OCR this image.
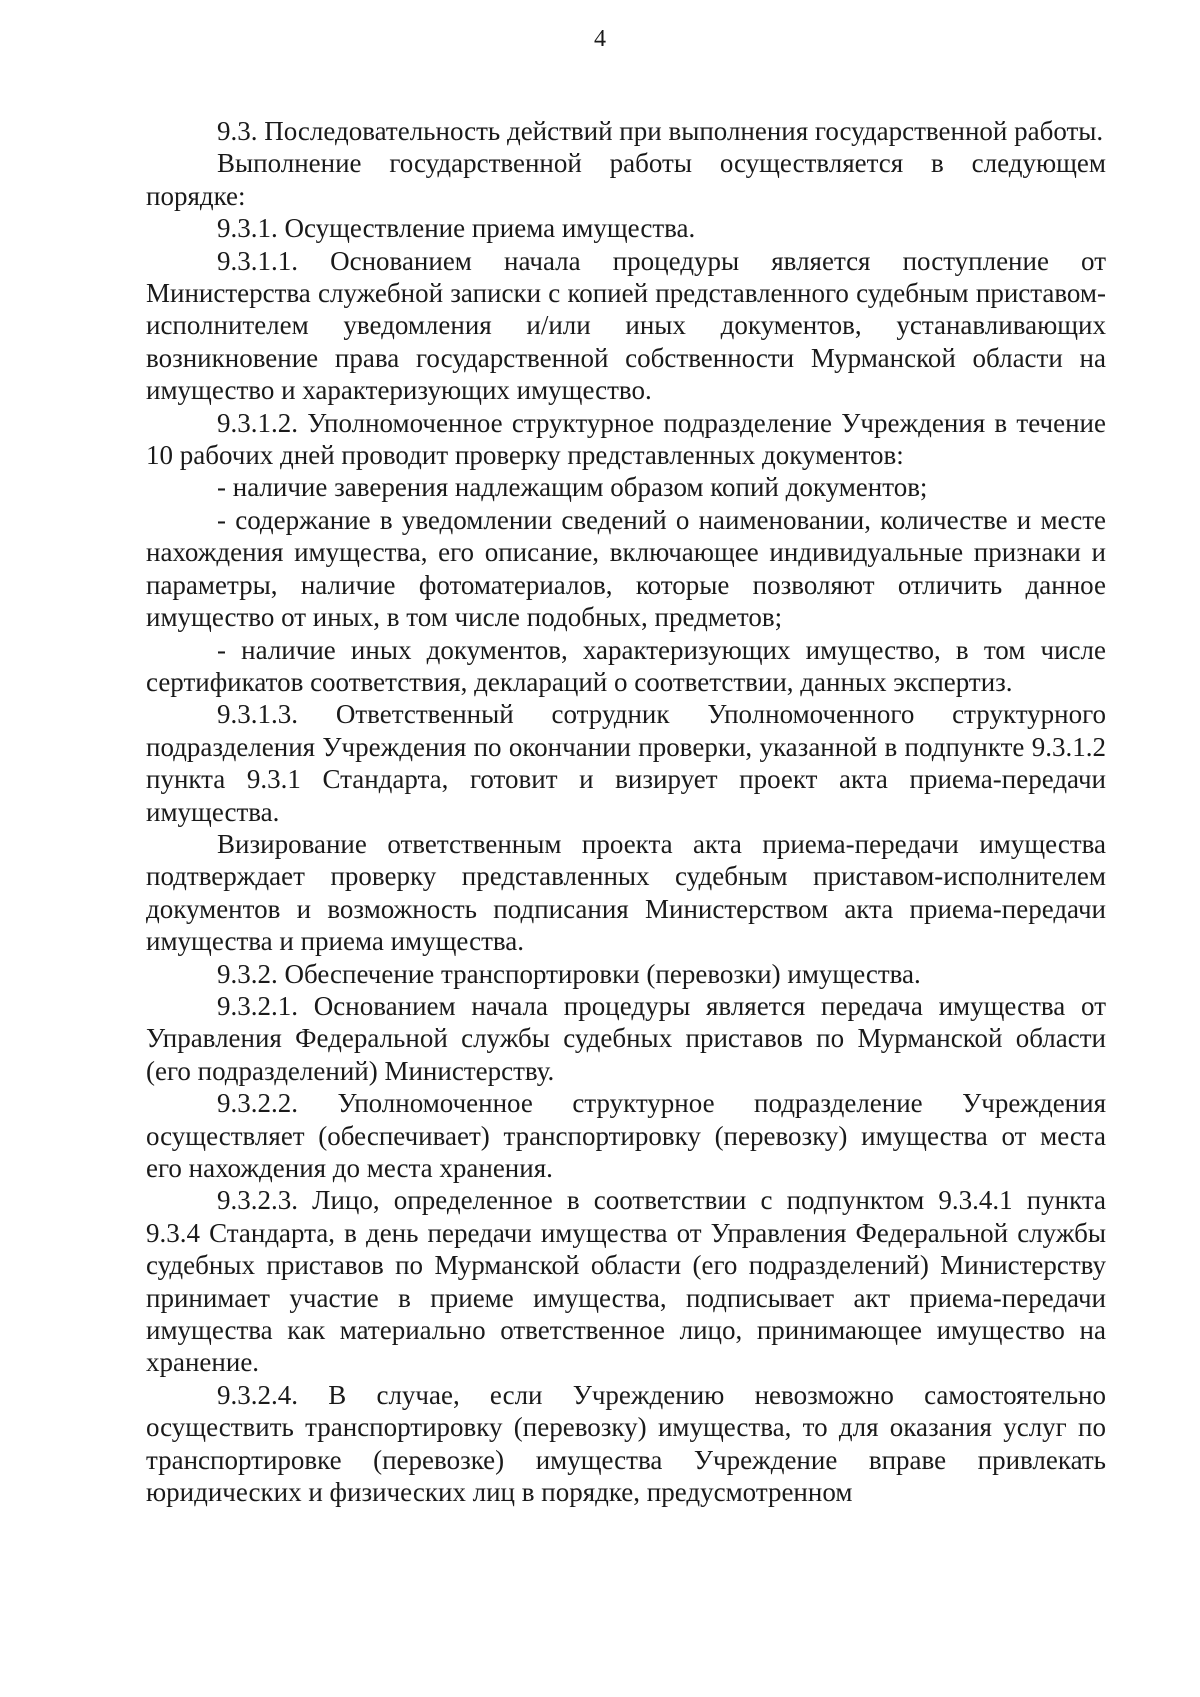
4

9.3. Последовательность действий при выполнения государственной работы.

Выполнение государственной работы осуществляется в следующем порядке:

9.3.1. Осуществление приема имущества.

9.3.1.1. Основанием начала процедуры является поступление от Министерства служебной записки с копией представленного судебным приставом-исполнителем уведомления и/или иных документов, устанавливающих возникновение права государственной собственности Мурманской области на имущество и характеризующих имущество.

9.3.1.2. Уполномоченное структурное подразделение Учреждения в течение 10 рабочих дней проводит проверку представленных документов:

- наличие заверения надлежащим образом копий документов;

- содержание в уведомлении сведений о наименовании, количестве и месте нахождения имущества, его описание, включающее индивидуальные признаки и параметры, наличие фотоматериалов, которые позволяют отличить данное имущество от иных, в том числе подобных, предметов;

- наличие иных документов, характеризующих имущество, в том числе сертификатов соответствия, деклараций о соответствии, данных экспертиз.

9.3.1.3. Ответственный сотрудник Уполномоченного структурного подразделения Учреждения по окончании проверки, указанной в подпункте 9.3.1.2 пункта 9.3.1 Стандарта, готовит и визирует проект акта приема-передачи имущества.

Визирование ответственным проекта акта приема-передачи имущества подтверждает проверку представленных судебным приставом-исполнителем документов и возможность подписания Министерством акта приема-передачи имущества и приема имущества.

9.3.2. Обеспечение транспортировки (перевозки) имущества.

9.3.2.1. Основанием начала процедуры является передача имущества от Управления Федеральной службы судебных приставов по Мурманской области (его подразделений) Министерству.

9.3.2.2. Уполномоченное структурное подразделение Учреждения осуществляет (обеспечивает) транспортировку (перевозку) имущества от места его нахождения до места хранения.

9.3.2.3. Лицо, определенное в соответствии с подпунктом 9.3.4.1 пункта 9.3.4 Стандарта, в день передачи имущества от Управления Федеральной службы судебных приставов по Мурманской области (его подразделений) Министерству принимает участие в приеме имущества, подписывает акт приема-передачи имущества как материально ответственное лицо, принимающее имущество на хранение.

9.3.2.4. В случае, если Учреждению невозможно самостоятельно осуществить транспортировку (перевозку) имущества, то для оказания услуг по транспортировке (перевозке) имущества Учреждение вправе привлекать юридических и физических лиц в порядке, предусмотренном
